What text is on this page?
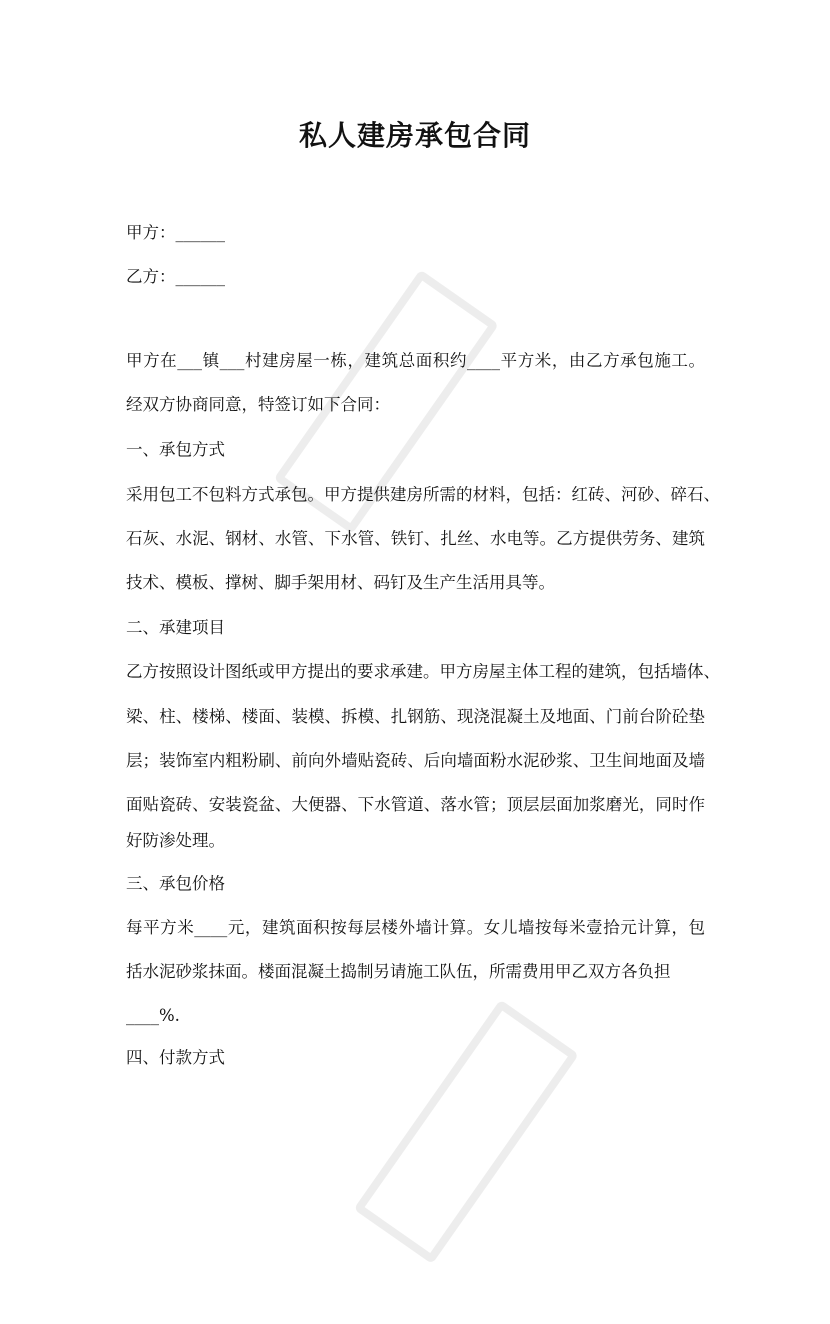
私人建房承包合同
甲方：______
乙方：______
甲方在___镇___村建房屋一栋，建筑总面积约____平方米，由乙方承包施工。
经双方协商同意，特签订如下合同：
一、承包方式
采用包工不包料方式承包。甲方提供建房所需的材料，包括：红砖、河砂、碎石、
石灰、水泥、钢材、水管、下水管、铁钉、扎丝、水电等。乙方提供劳务、建筑
技术、模板、撑树、脚手架用材、码钉及生产生活用具等。
二、承建项目
乙方按照设计图纸或甲方提出的要求承建。甲方房屋主体工程的建筑，包括墙体、
梁、柱、楼梯、楼面、装模、拆模、扎钢筋、现浇混凝土及地面、门前台阶砼垫
层；装饰室内粗粉刷、前向外墙贴瓷砖、后向墙面粉水泥砂浆、卫生间地面及墙
面贴瓷砖、安装瓷盆、大便器、下水管道、落水管；顶层层面加浆磨光，同时作
好防渗处理。
三、承包价格
每平方米____元，建筑面积按每层楼外墙计算。女儿墙按每米壹拾元计算，包
括水泥砂浆抹面。楼面混凝土捣制另请施工队伍，所需费用甲乙双方各负担
____%.
四、付款方式
